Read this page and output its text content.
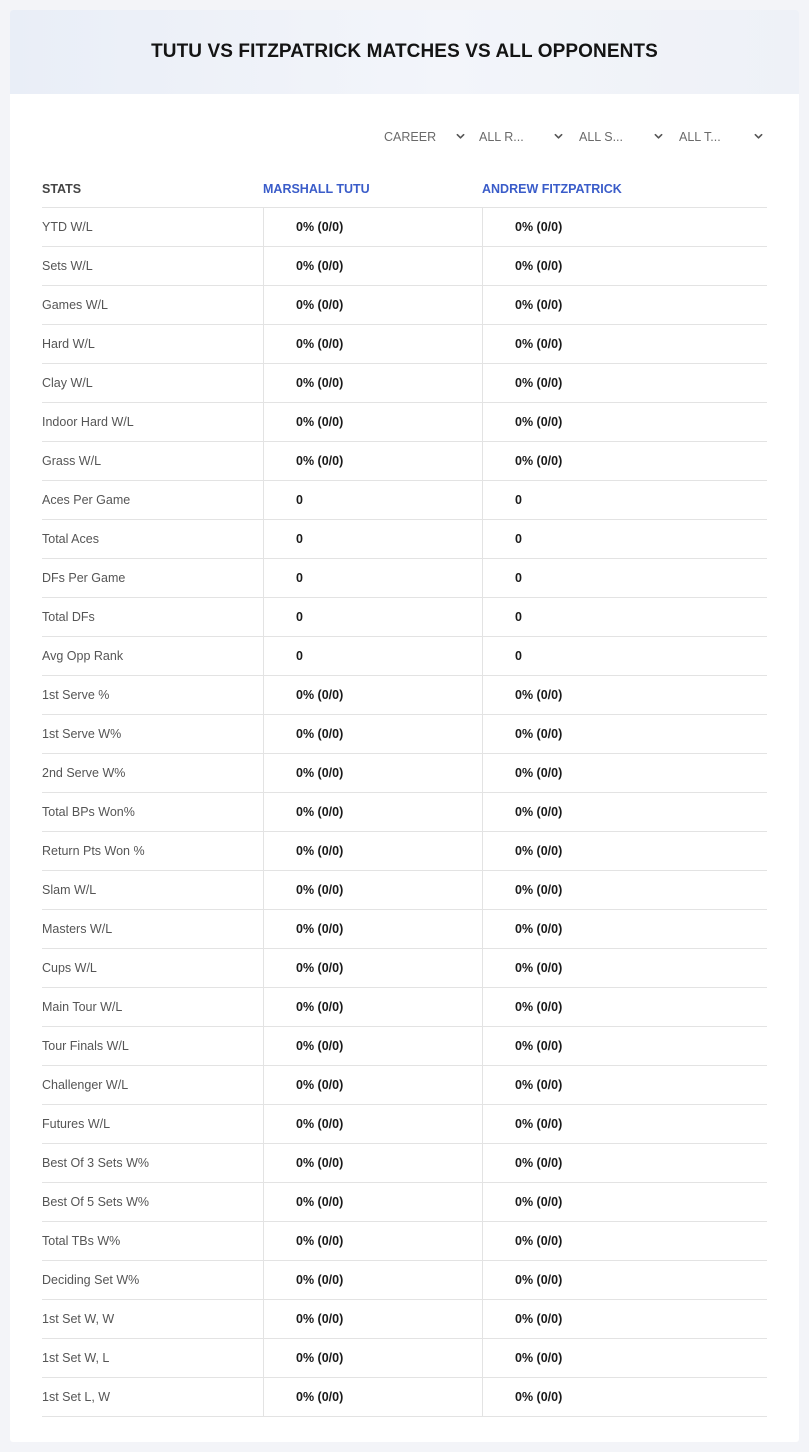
TUTU VS FITZPATRICK MATCHES VS ALL OPPONENTS
CAREER	ALL R...	ALL S...	ALL T...
STATS	MARSHALL TUTU	ANDREW FITZPATRICK
YTD W/L	0% (0/0)	0% (0/0)
Sets W/L	0% (0/0)	0% (0/0)
Games W/L	0% (0/0)	0% (0/0)
Hard W/L	0% (0/0)	0% (0/0)
Clay W/L	0% (0/0)	0% (0/0)
Indoor Hard W/L	0% (0/0)	0% (0/0)
Grass W/L	0% (0/0)	0% (0/0)
Aces Per Game	0	0
Total Aces	0	0
DFs Per Game	0	0
Total DFs	0	0
Avg Opp Rank	0	0
1st Serve %	0% (0/0)	0% (0/0)
1st Serve W%	0% (0/0)	0% (0/0)
2nd Serve W%	0% (0/0)	0% (0/0)
Total BPs Won%	0% (0/0)	0% (0/0)
Return Pts Won %	0% (0/0)	0% (0/0)
Slam W/L	0% (0/0)	0% (0/0)
Masters W/L	0% (0/0)	0% (0/0)
Cups W/L	0% (0/0)	0% (0/0)
Main Tour W/L	0% (0/0)	0% (0/0)
Tour Finals W/L	0% (0/0)	0% (0/0)
Challenger W/L	0% (0/0)	0% (0/0)
Futures W/L	0% (0/0)	0% (0/0)
Best Of 3 Sets W%	0% (0/0)	0% (0/0)
Best Of 5 Sets W%	0% (0/0)	0% (0/0)
Total TBs W%	0% (0/0)	0% (0/0)
Deciding Set W%	0% (0/0)	0% (0/0)
1st Set W, W	0% (0/0)	0% (0/0)
1st Set W, L	0% (0/0)	0% (0/0)
1st Set L, W	0% (0/0)	0% (0/0)
